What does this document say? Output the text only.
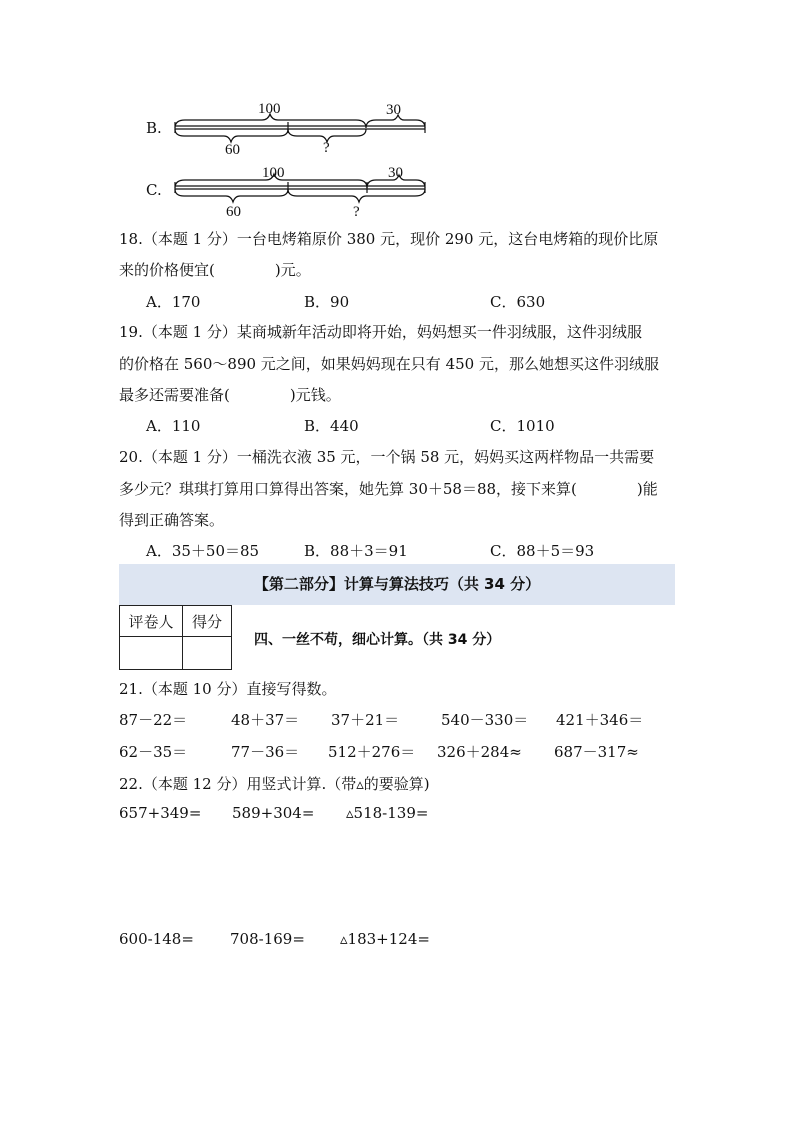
B.
100	30
60	?
C.
100	30
60	?
18.（本题 1 分）一台电烤箱原价 380 元，现价 290 元，这台电烤箱的现价比原
来的价格便宜(　　　　)元。
A．170	B．90	C．630
19.（本题 1 分）某商城新年活动即将开始，妈妈想买一件羽绒服，这件羽绒服
的价格在 560～890 元之间，如果妈妈现在只有 450 元，那么她想买这件羽绒服
最多还需要准备(　　　　)元钱。
A．110	B．440	C．1010
20.（本题 1 分）一桶洗衣液 35 元，一个锅 58 元，妈妈买这两样物品一共需要
多少元？琪琪打算用口算得出答案，她先算 30＋58＝88，接下来算(　　　　)能
得到正确答案。
A．35＋50＝85	B．88＋3＝91	C．88＋5＝93
【第二部分】计算与算法技巧（共 34 分）
评卷人	得分

四、一丝不苟，细心计算。（共 34 分）
21.（本题 10 分）直接写得数。
87－22＝	48＋37＝ 37＋21＝	540－330＝ 421＋346＝
62－35＝	77－36＝ 512＋276＝ 326＋284≈ 687－317≈
22.（本题 12 分）用竖式计算.（带▵的要验算)
657+349= 589+304= ▵518-139=
600-148= 708-169= ▵183+124=
